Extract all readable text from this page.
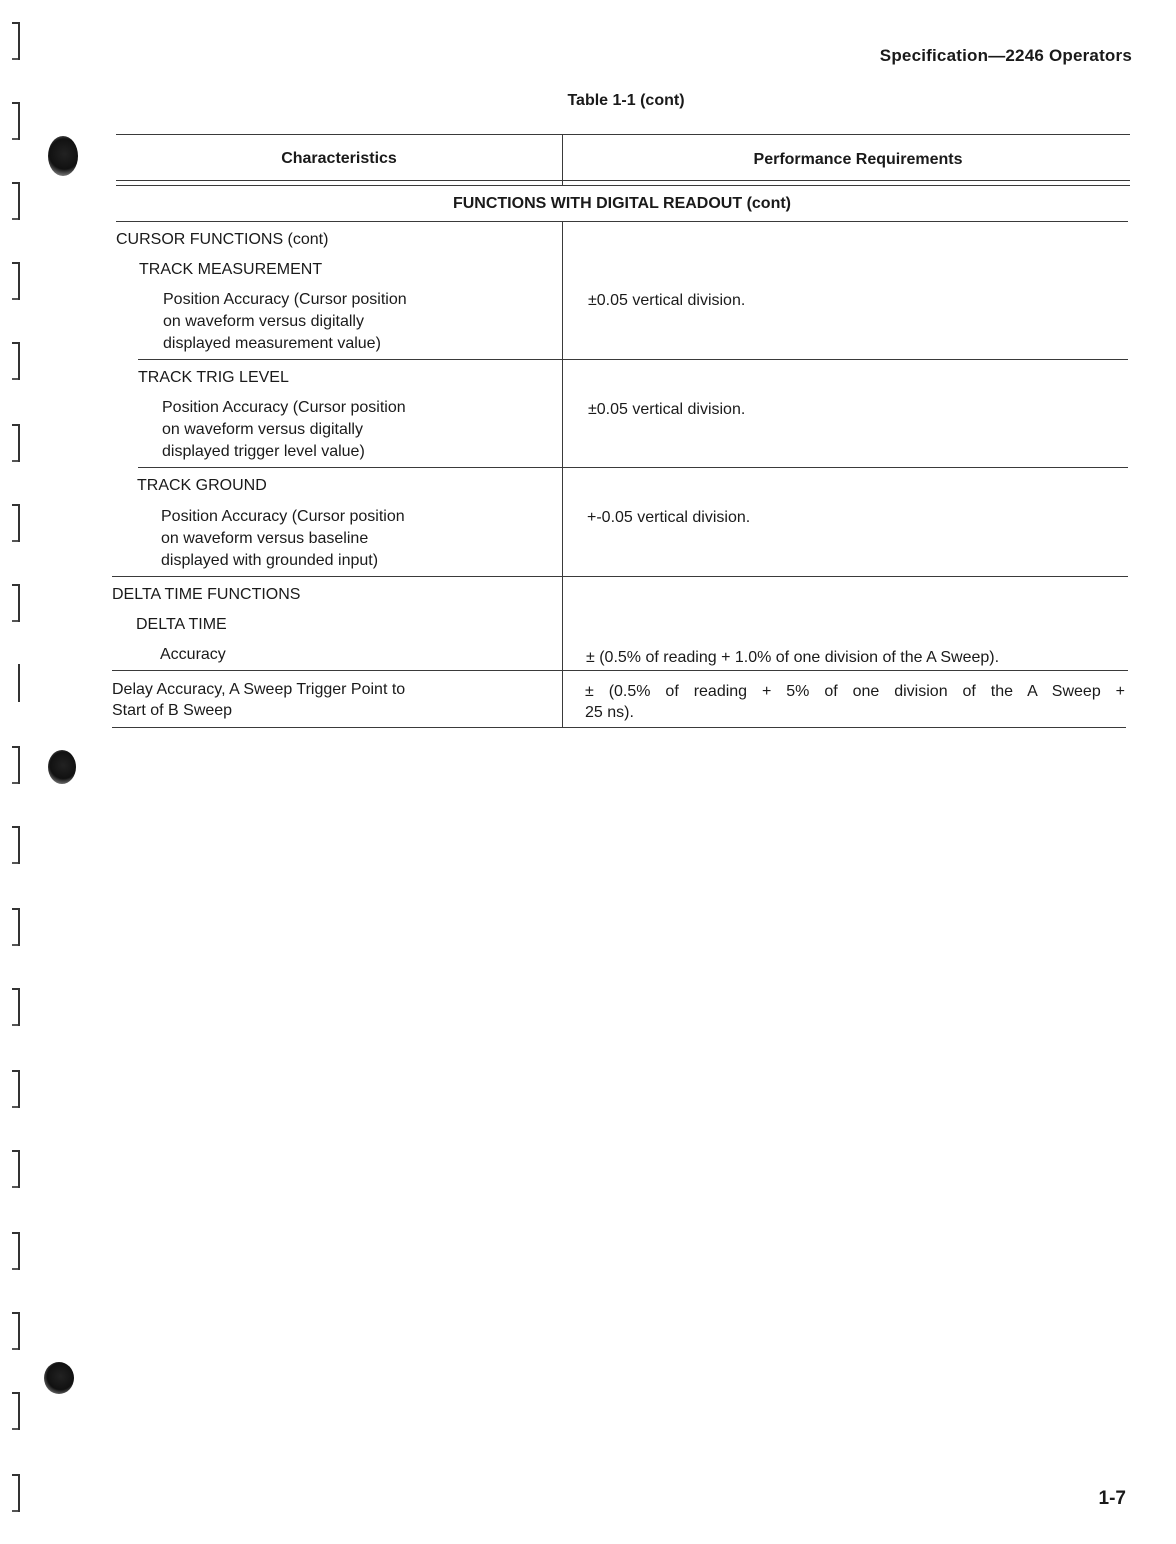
Specification—2246 Operators
Table 1-1 (cont)
Characteristics	Performance Requirements
FUNCTIONS WITH DIGITAL READOUT (cont)
CURSOR FUNCTIONS (cont)
TRACK MEASUREMENT
Position Accuracy (Cursor position
on waveform versus digitally
displayed measurement value)
±0.05 vertical division.
TRACK TRIG LEVEL
Position Accuracy (Cursor position
on waveform versus digitally
displayed trigger level value)
±0.05 vertical division.
TRACK GROUND
Position Accuracy (Cursor position
on waveform versus baseline
displayed with grounded input)
+-0.05 vertical division.
DELTA TIME FUNCTIONS
DELTA TIME
Accuracy	± (0.5% of reading + 1.0% of one division of the A Sweep).
Delay Accuracy, A Sweep Trigger Point to
Start of B Sweep
± (0.5% of reading + 5% of one division of the A Sweep +
25 ns).
1-7
